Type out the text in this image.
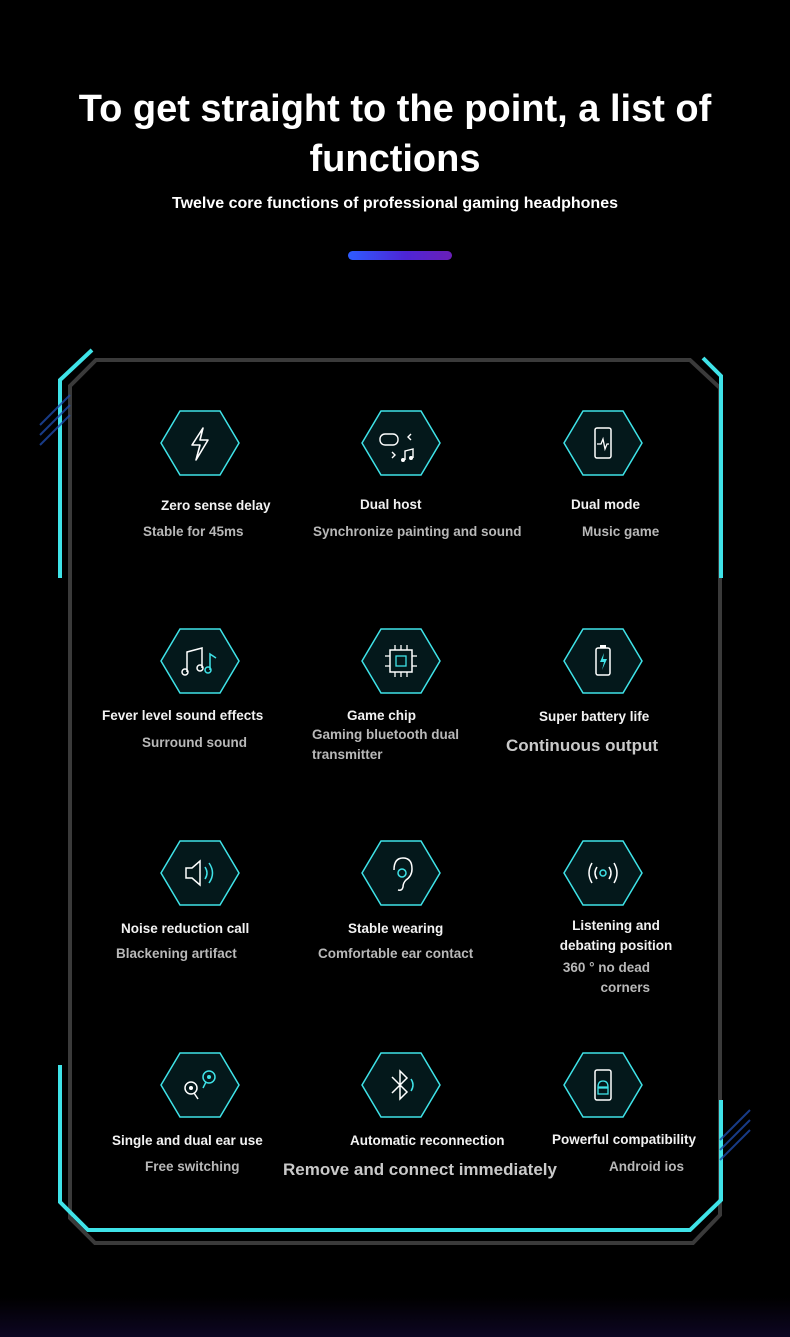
To get straight to the point, a list of functions
Twelve core functions of professional gaming headphones
Zero sense delay
Stable for 45ms
Dual host
Synchronize painting and sound
Dual mode
Music game
Fever level sound effects
Surround sound
Game chip
Gaming bluetooth dual transmitter
Super battery life
Continuous output
Noise reduction call
Blackening artifact
Stable wearing
Comfortable ear contact
Listening and debating position
360 ° no dead corners
Single and dual ear use
Free switching
Automatic reconnection
Remove and connect immediately
Powerful compatibility
Android ios
